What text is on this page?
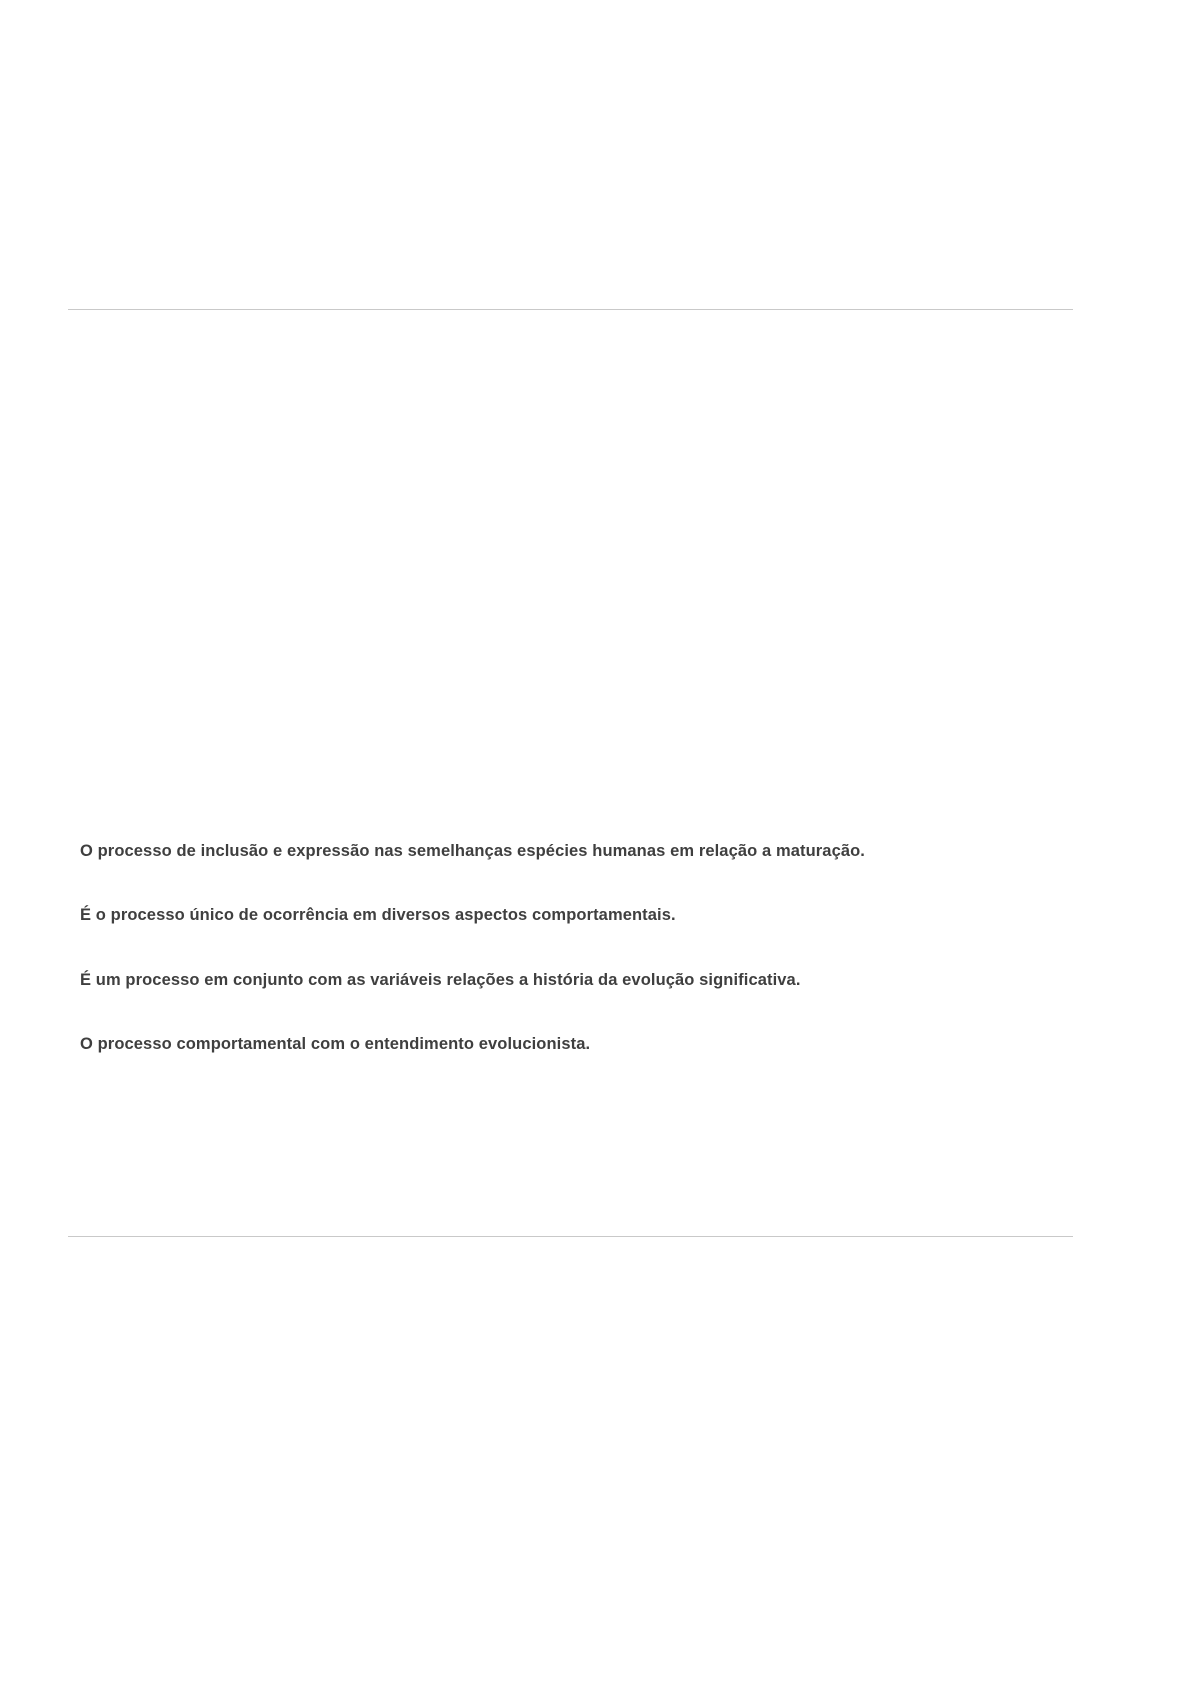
O processo de inclusão e expressão nas semelhanças espécies humanas em relação a maturação.

É o processo único de ocorrência em diversos aspectos comportamentais.

É um processo em conjunto com as variáveis relações a história da evolução significativa.

O processo comportamental com o entendimento evolucionista.
